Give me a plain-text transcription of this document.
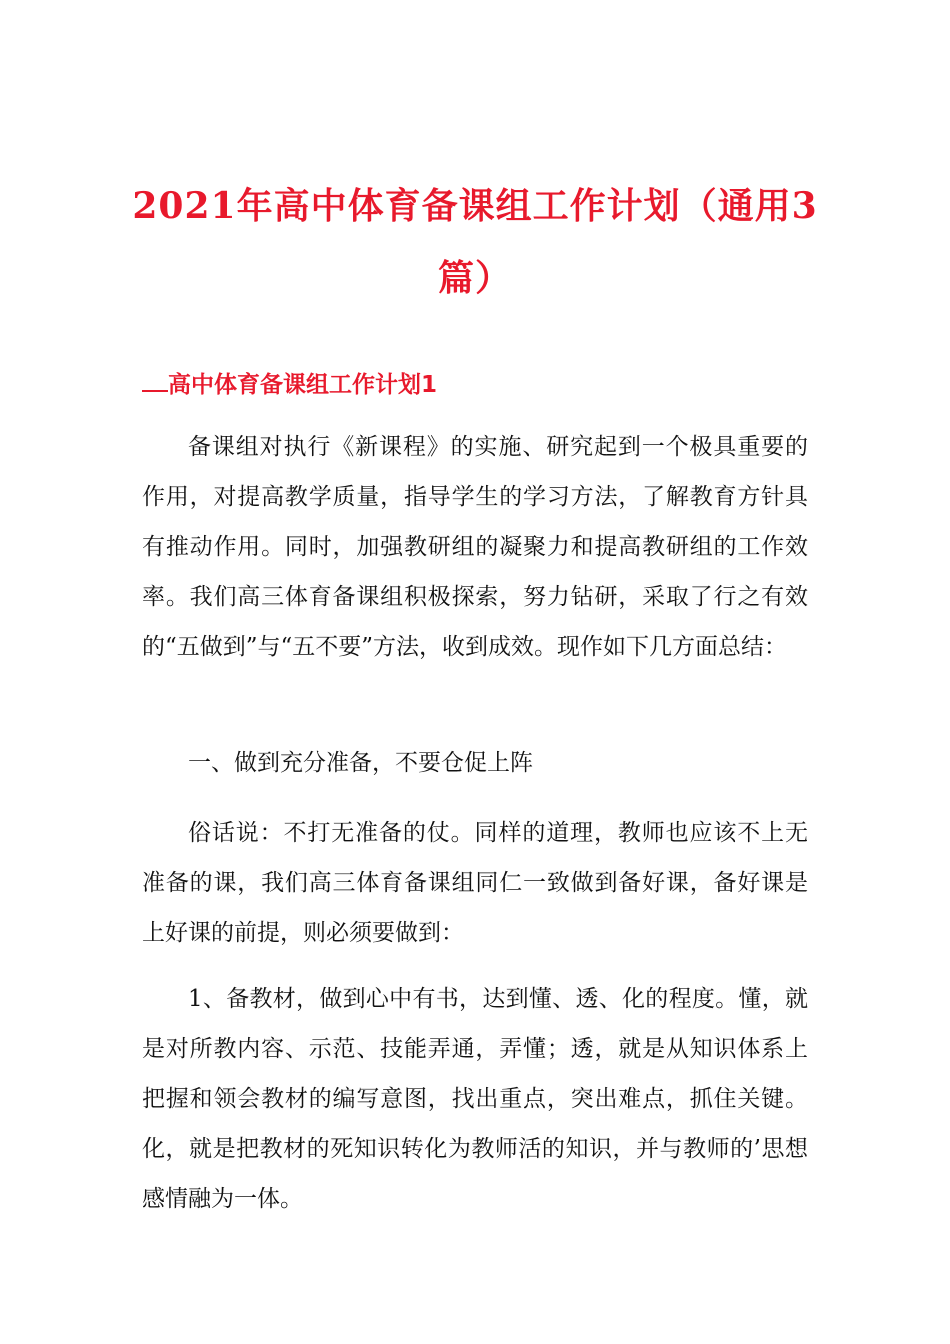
2021年高中体育备课组工作计划（通用3篇）
高中体育备课组工作计划1

备课组对执行《新课程》的实施、研究起到一个极具重要的作用，对提高教学质量，指导学生的学习方法，了解教育方针具有推动作用。同时，加强教研组的凝聚力和提高教研组的工作效率。我们高三体育备课组积极探索，努力钻研，采取了行之有效的“五做到”与“五不要”方法，收到成效。现作如下几方面总结：

一、做到充分准备，不要仓促上阵

俗话说：不打无准备的仗。同样的道理，教师也应该不上无准备的课，我们高三体育备课组同仁一致做到备好课，备好课是上好课的前提，则必须要做到：

1、备教材，做到心中有书，达到懂、透、化的程度。懂，就是对所教内容、示范、技能弄通，弄懂；透，就是从知识体系上把握和领会教材的编写意图，找出重点，突出难点，抓住关键。化，就是把教材的死知识转化为教师活的知识，并与教师的’思想感情融为一体。
